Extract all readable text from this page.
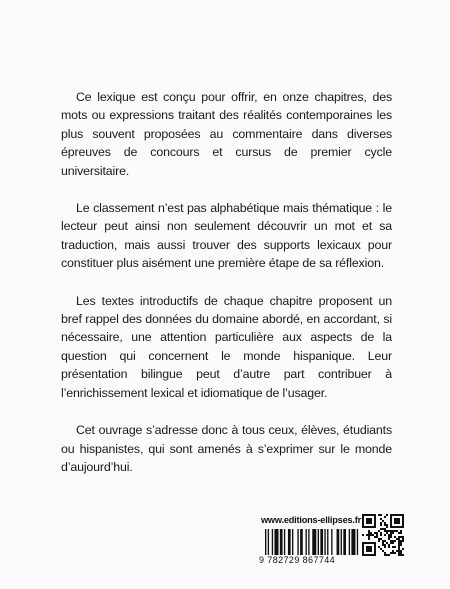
Ce lexique est conçu pour offrir, en onze chapitres, des mots ou expressions traitant des réalités contemporaines les plus souvent proposées au commentaire dans diverses épreuves de concours et cursus de premier cycle universitaire.

Le classement n’est pas alphabétique mais thématique : le lecteur peut ainsi non seulement découvrir un mot et sa traduction, mais aussi trouver des supports lexicaux pour constituer plus aisément une première étape de sa réflexion.

Les textes introductifs de chaque chapitre proposent un bref rappel des données du domaine abordé, en accordant, si nécessaire, une attention particulière aux aspects de la question qui concernent le monde hispanique. Leur présentation bilingue peut d’autre part contribuer à l’enrichissement lexical et idiomatique de l’usager.

Cet ouvrage s’adresse donc à tous ceux, élèves, étudiants ou hispanistes, qui sont amenés à s’exprimer sur le monde d’aujourd’hui.

www.editions-ellipses.fr
9 782729 867744
